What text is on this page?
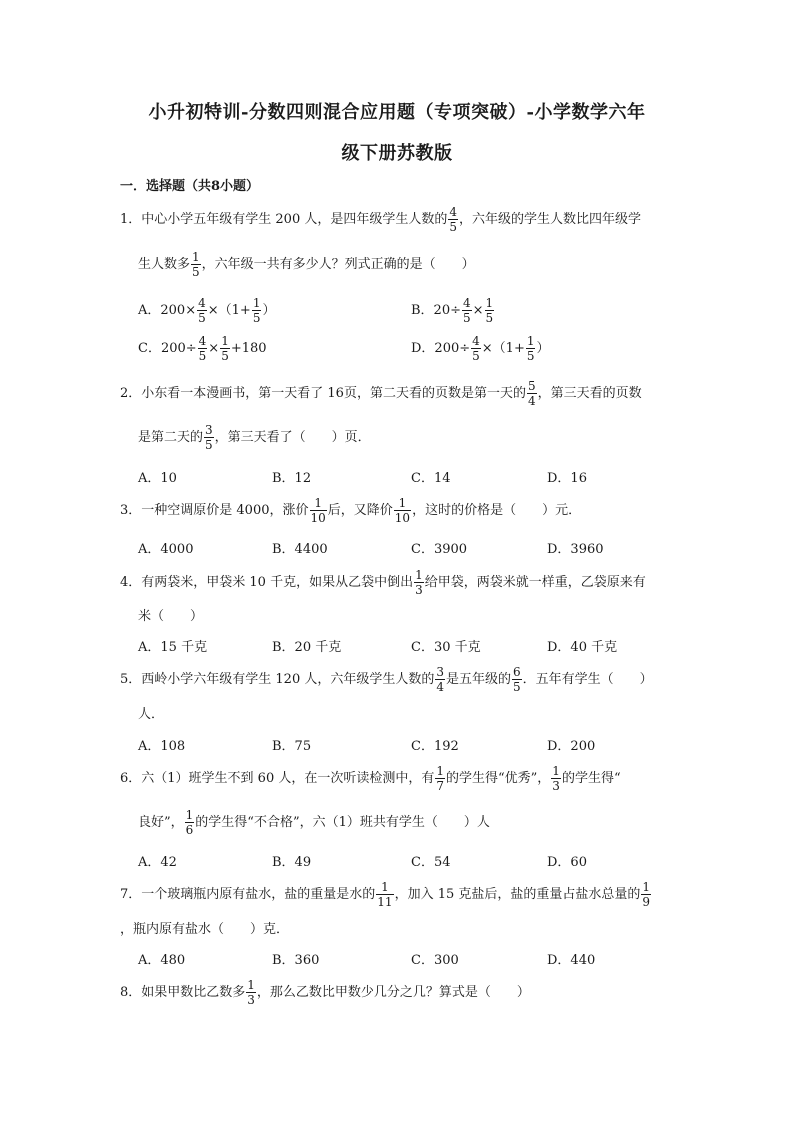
小升初特训-分数四则混合应用题（专项突破）-小学数学六年
级下册苏教版
一．选择题（共8小题）
1．中心小学五年级有学生 200 人，是四年级学生人数的 $\frac{4}{5}$ ，六年级的学生人数比四年级学
生人数多 $\frac{1}{5}$ ，六年级一共有多少人？列式正确的是（　　）
A．$200\times \frac{4}{5} \times(1+ \frac{1}{5}$ ）	B．$20\div \frac{4}{5} \times \frac{1}{5}$
C．$200\div \frac{4}{5} \times \frac{1}{5} +180$	D．$200\div \frac{4}{5} \times(1+ \frac{1}{5}$ ）
2．小东看一本漫画书，第一天看了 16页，第二天看的页数是第一天的 $\frac{5}{4}$ ，第三天看的页数
是第二天的 $\frac{3}{5}$ ，第三天看了（　　）页．
A．10	B．12	C．14	D．16
3．一种空调原价是 4000，涨价 $\frac{1}{10}$ 后，又降价 $\frac{1}{10}$ ，这时的价格是（　　）元．
A．4000	B．4400	C．3900	D．3960
4．有两袋米，甲袋米 10 千克，如果从乙袋中倒出 $\frac{1}{3}$ 给甲袋，两袋米就一样重，乙袋原来有
米（　　）
A．15 千克	B．20 千克	C．30 千克	D．40 千克
5．西岭小学六年级有学生 120 人，六年级学生人数的 $\frac{3}{4}$ 是五年级的 $\frac{6}{5}$ ．五年有学生（　　）
人．
A．108	B．75	C．192	D．200
6．六（1）班学生不到 60 人，在一次听读检测中，有 $\frac{1}{7}$ 的学生得“优秀”， $\frac{1}{3}$ 的学生得“
良好”， $\frac{1}{6}$ 的学生得“不合格”，六（1）班共有学生（　　）人
A．42	B．49	C．54	D．60
7．一个玻璃瓶内原有盐水，盐的重量是水的 $\frac{1}{11}$ ，加入 15 克盐后，盐的重量占盐水总量的 $\frac{1}{9}$
，瓶内原有盐水（　　）克．
A．480	B．360	C．300	D．440
8．如果甲数比乙数多 $\frac{1}{3}$ ，那么乙数比甲数少几分之几？算式是（　　）
